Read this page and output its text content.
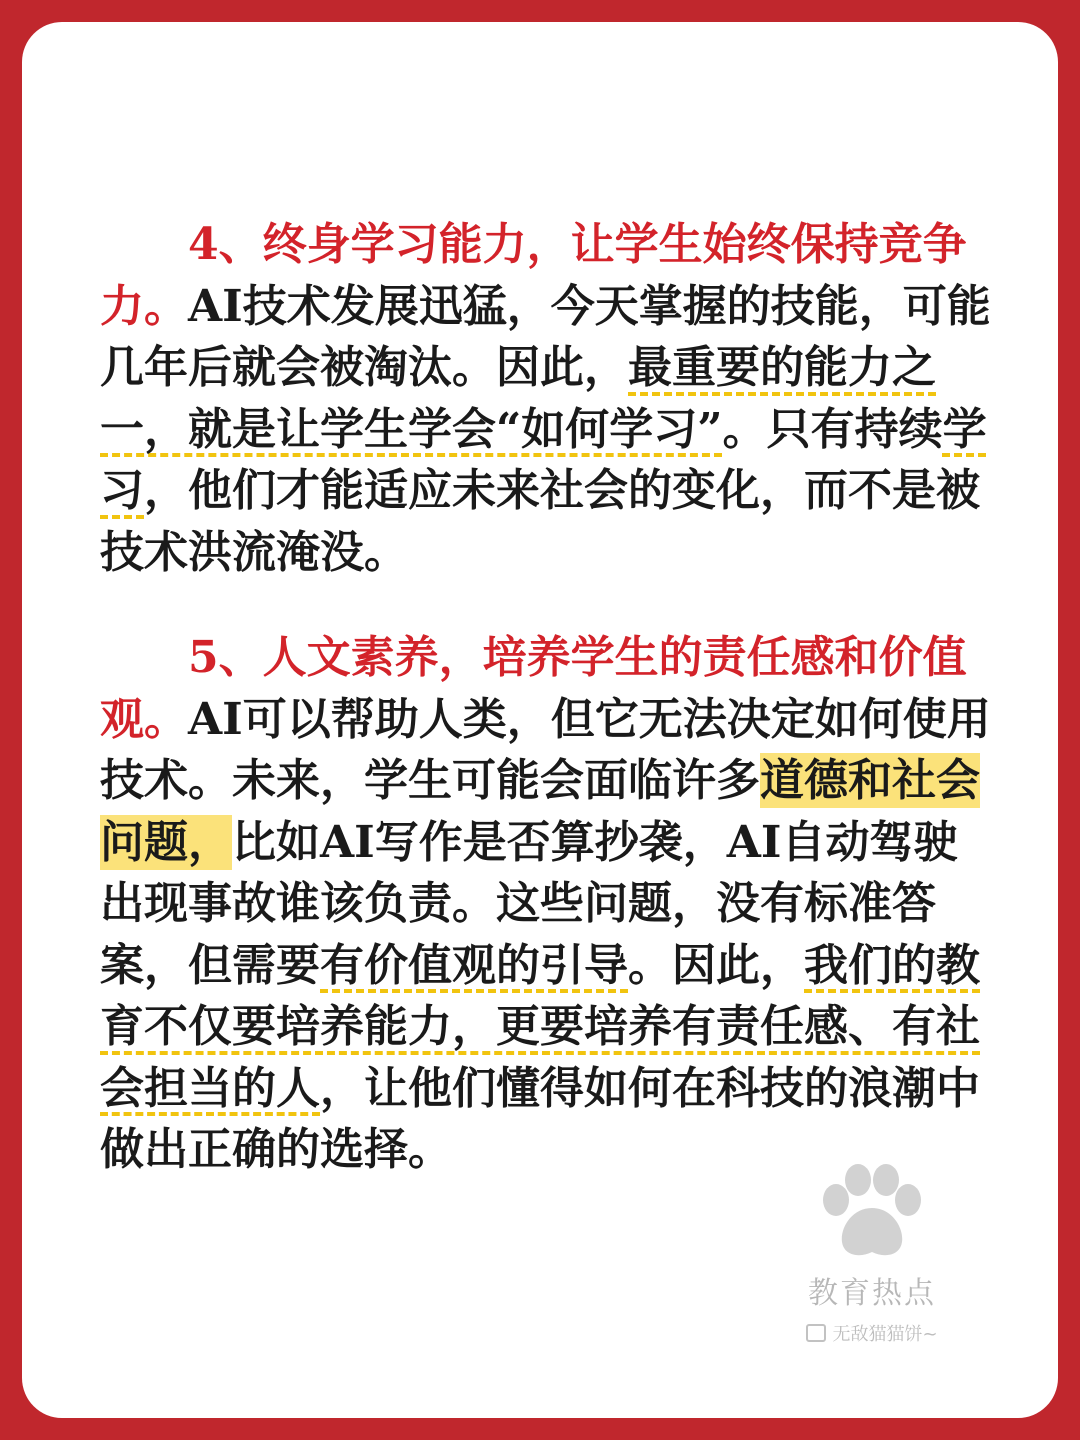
4、终身学习能力，让学生始终保持竞争力。AI技术发展迅猛，今天掌握的技能，可能几年后就会被淘汰。因此，最重要的能力之一，就是让学生学会“如何学习”。只有持续学习，他们才能适应未来社会的变化，而不是被技术洪流淹没。

5、人文素养，培养学生的责任感和价值观。AI可以帮助人类，但它无法决定如何使用技术。未来，学生可能会面临许多道德和社会问题，比如AI写作是否算抄袭，AI自动驾驶出现事故谁该负责。这些问题，没有标准答案，但需要有价值观的引导。因此，我们的教育不仅要培养能力，更要培养有责任感、有社会担当的人，让他们懂得如何在科技的浪潮中做出正确的选择。

教育热点
无敌猫猫饼~
